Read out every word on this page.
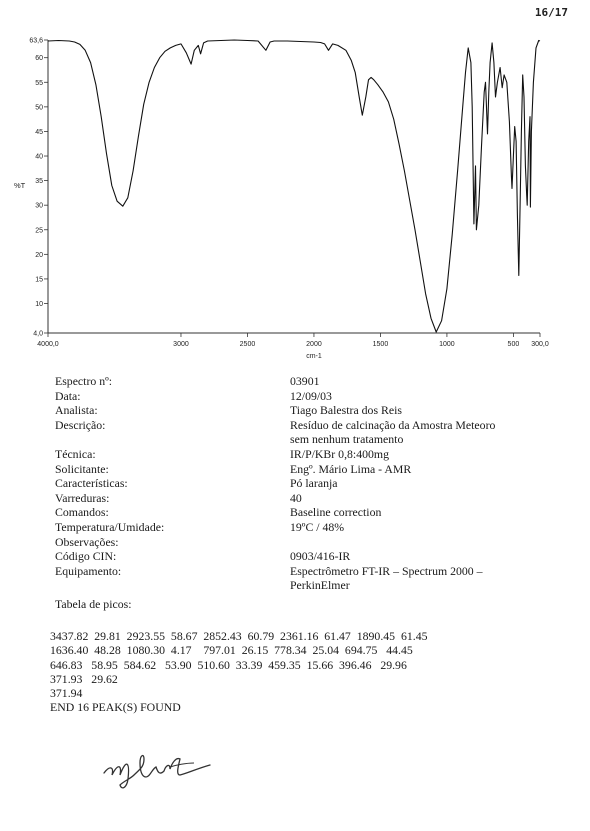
16/17
63,6
60
55
50
45
40
35
30
25
20
15
10
4,0
4000,0	3000	2500	2000	1500	1000	500 300,0
%T
cm-1
Espectro nº:	03901
Data:	12/09/03
Analista:	Tiago Balestra dos Reis
Descrição:	Resíduo de calcinação da Amostra Meteoro
sem nenhum tratamento
Técnica:	IR/P/KBr 0,8:400mg
Solicitante:	Engº. Mário Lima - AMR
Características:	Pó laranja
Varreduras:	40
Comandos:	Baseline correction
Temperatura/Umidade:	19ºC / 48%
Observações:

Código CIN:	0903/416-IR
Equipamento:	Espectrômetro FT-IR – Spectrum 2000 –
PerkinElmer
Tabela de picos:
3437.82  29.81  2923.55  58.67  2852.43  60.79  2361.16  61.47  1890.45  61.45
1636.40  48.28  1080.30  4.17    797.01  26.15  778.34  25.04  694.75   44.45
646.83   58.95  584.62   53.90  510.60  33.39  459.35  15.66  396.46   29.96
371.93   29.62
371.94
END 16 PEAK(S) FOUND
